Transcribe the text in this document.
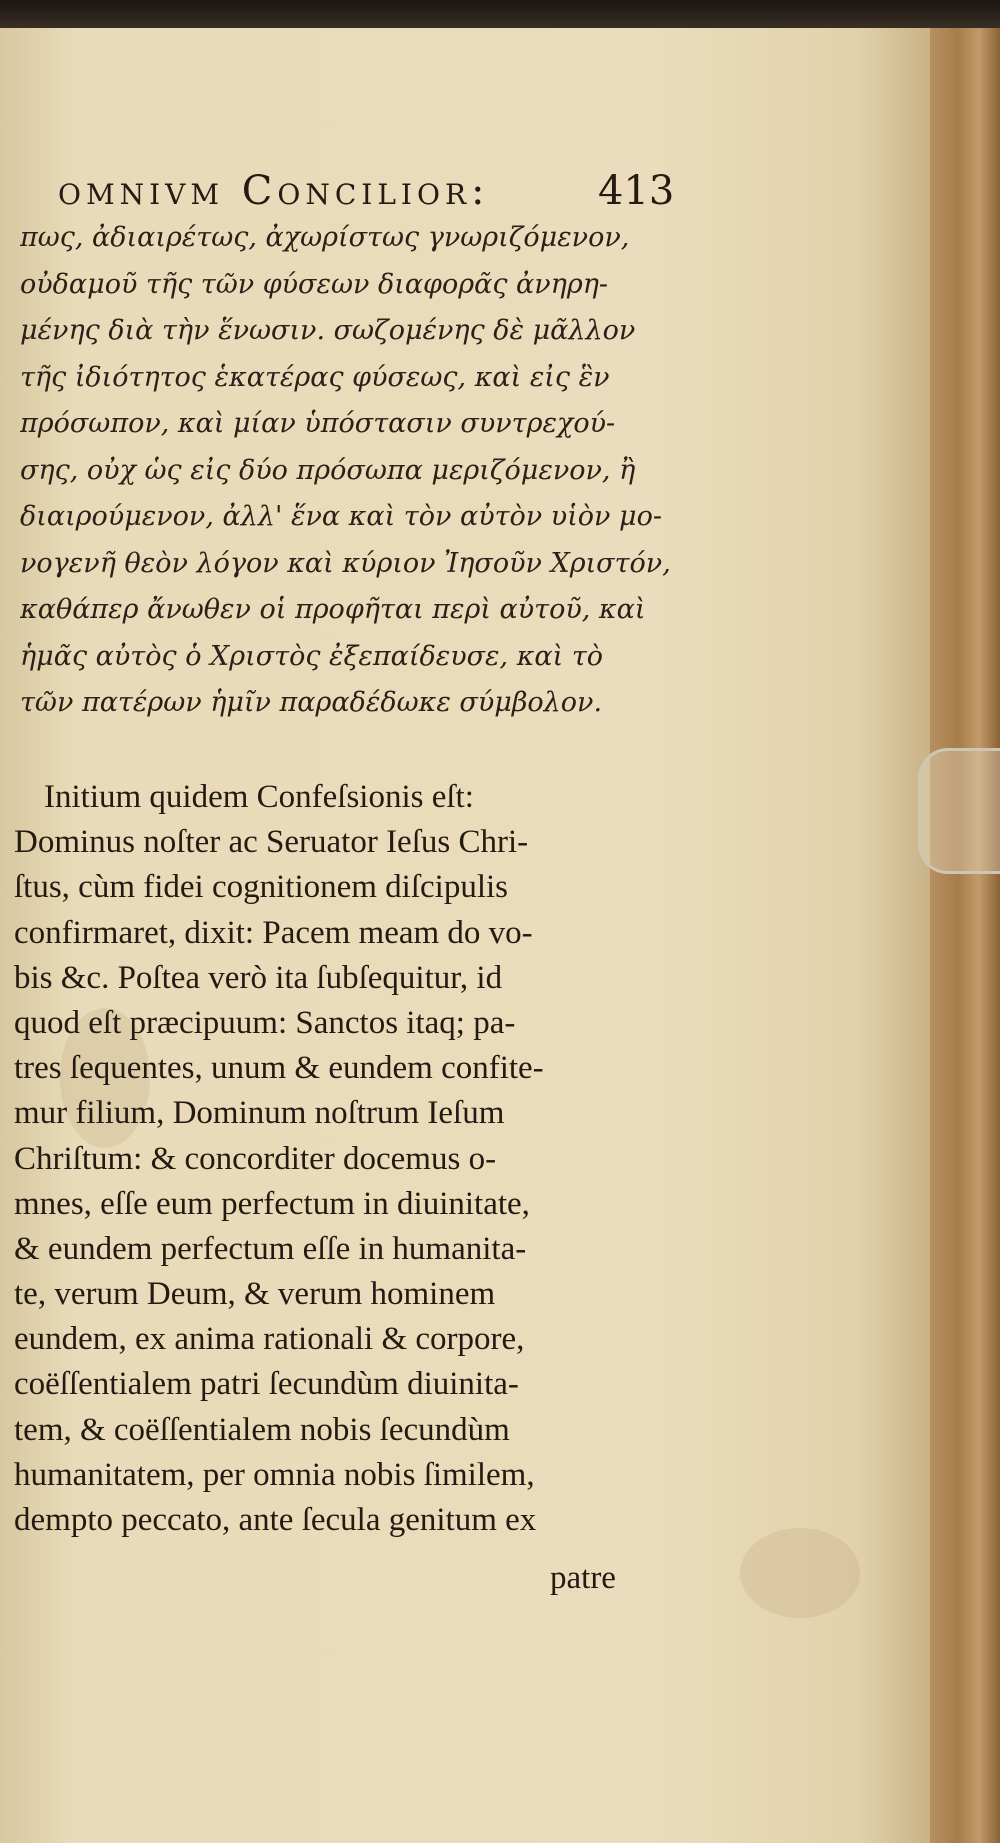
omnivm Concilior:	413
πως, ἀδιαιρέτως, ἀχωρίστως γνωριζόμενον,
οὐδαμοῦ τῆς τῶν φύσεων διαφορᾶς ἀνηρη-
μένης διὰ τὴν ἕνωσιν. σωζομένης δὲ μᾶλλον
τῆς ἰδιότητος ἑκατέρας φύσεως, καὶ εἰς ἓν
πρόσωπον, καὶ μίαν ὑπόστασιν συντρεχού-
σης, οὐχ ὡς εἰς δύο πρόσωπα μεριζόμενον, ἢ
διαιρούμενον, ἀλλ' ἕνα καὶ τὸν αὐτὸν υἱὸν μο-
νογενῆ θεὸν λόγον καὶ κύριον Ἰησοῦν Χριστόν,
καθάπερ ἄνωθεν οἱ προφῆται περὶ αὐτοῦ, καὶ
ἡμᾶς αὐτὸς ὁ Χριστὸς ἐξεπαίδευσε, καὶ τὸ
τῶν πατέρων ἡμῖν παραδέδωκε σύμβολον.
Initium quidem Confeſsionis eſt:
Dominus noſter ac Seruator Ieſus Chri-
ſtus, cùm fidei cognitionem diſcipulis
confirmaret, dixit: Pacem meam do vo-
bis &c. Poſtea verò ita ſubſequitur, id
quod eſt præcipuum: Sanctos itaq; pa-
tres ſequentes, unum & eundem confite-
mur filium, Dominum noſtrum Ieſum
Chriſtum: & concorditer docemus o-
mnes, eſſe eum perfectum in diuinitate,
& eundem perfectum eſſe in humanita-
te, verum Deum, & verum hominem
eundem, ex anima rationali & corpore,
coëſſentialem patri ſecundùm diuinita-
tem, & coëſſentialem nobis ſecundùm
humanitatem, per omnia nobis ſimilem,
dempto peccato, ante ſecula genitum ex
patre
